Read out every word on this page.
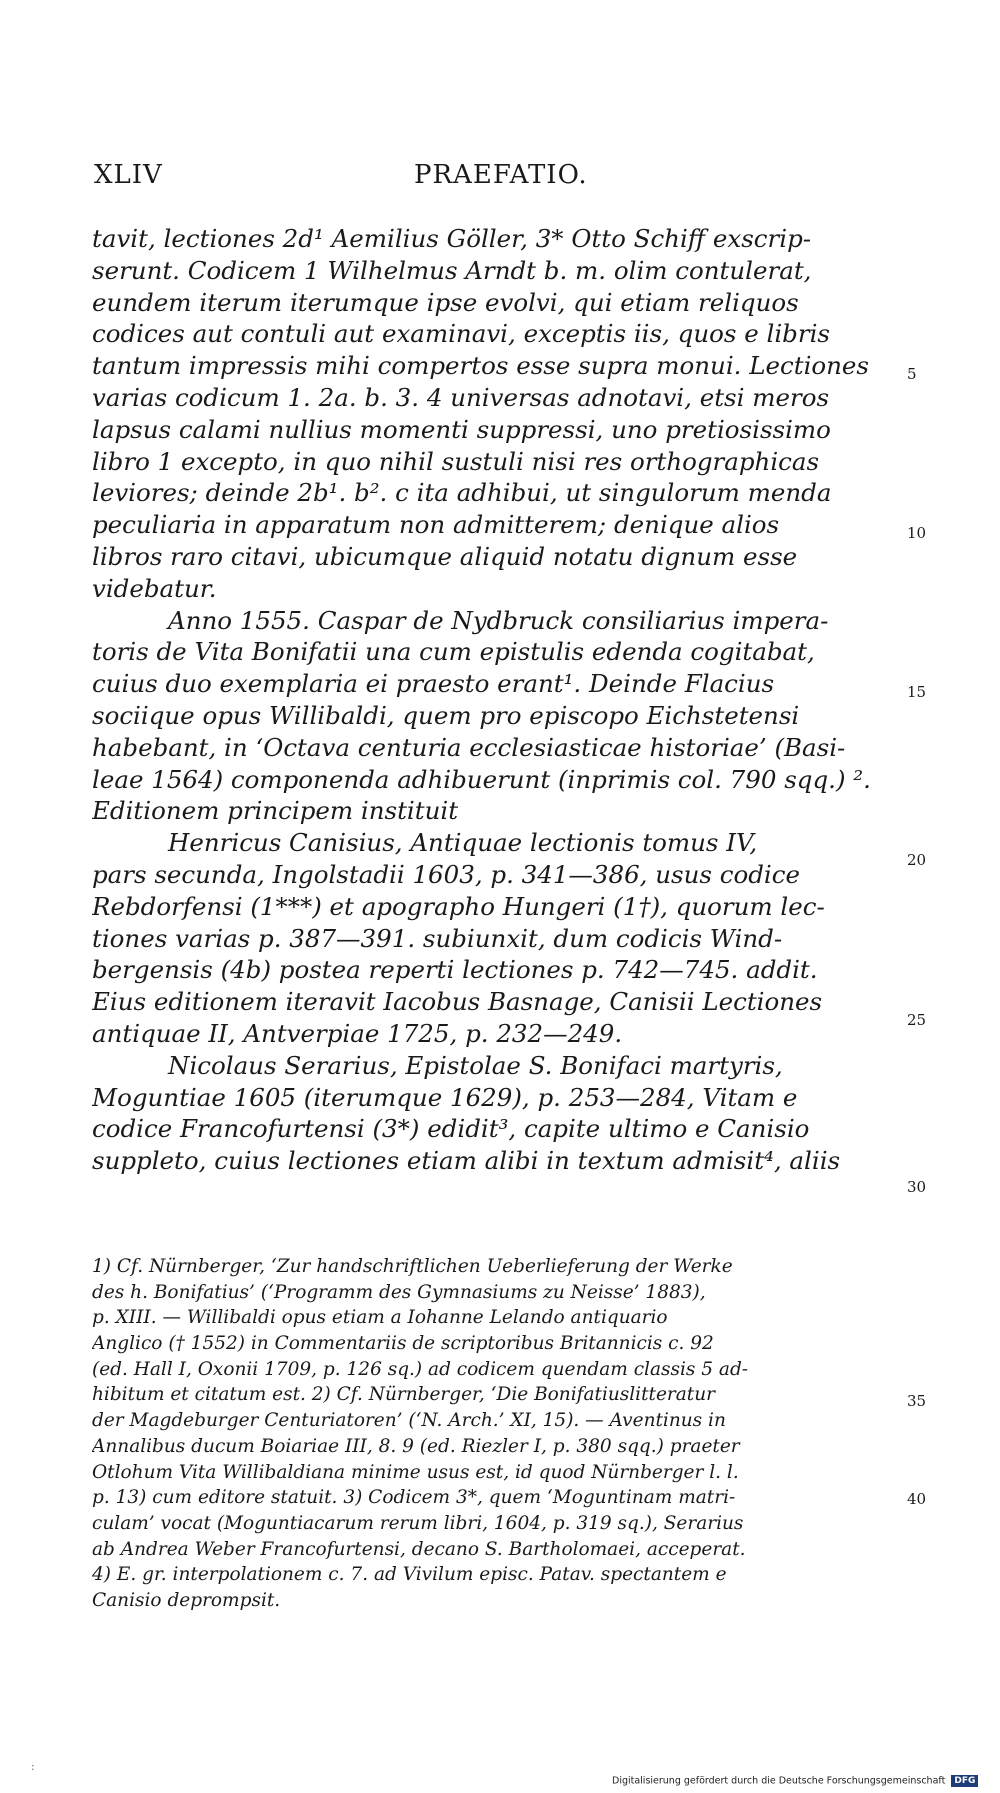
XLIV	PRAEFATIO.
tavit, lectiones 2d¹ Aemilius Göller, 3* Otto Schiff exscrip-
serunt. Codicem 1 Wilhelmus Arndt b. m. olim contulerat,
eundem iterum iterumque ipse evolvi, qui etiam reliquos
codices aut contuli aut examinavi, exceptis iis, quos e libris
tantum impressis mihi compertos esse supra monui. Lectiones
varias codicum 1. 2a. b. 3. 4 universas adnotavi, etsi meros
lapsus calami nullius momenti suppressi, uno pretiosissimo
libro 1 excepto, in quo nihil sustuli nisi res orthographicas
leviores; deinde 2b¹. b². c ita adhibui, ut singulorum menda
peculiaria in apparatum non admitterem; denique alios
libros raro citavi, ubicumque aliquid notatu dignum esse
videbatur.
Anno 1555. Caspar de Nydbruck consiliarius impera-
toris de Vita Bonifatii una cum epistulis edenda cogitabat,
cuius duo exemplaria ei praesto erant¹. Deinde Flacius
sociique opus Willibaldi, quem pro episcopo Eichstetensi
habebant, in ‘Octava centuria ecclesiasticae historiae’ (Basi-
leae 1564) componenda adhibuerunt (inprimis col. 790 sqq.) ².
Editionem principem instituit
Henricus Canisius, Antiquae lectionis tomus IV,
pars secunda, Ingolstadii 1603, p. 341—386, usus codice
Rebdorfensi (1***) et apographo Hungeri (1†), quorum lec-
tiones varias p. 387—391. subiunxit, dum codicis Wind-
bergensis (4b) postea reperti lectiones p. 742—745. addit.
Eius editionem iteravit Iacobus Basnage, Canisii Lectiones
antiquae II, Antverpiae 1725, p. 232—249.
Nicolaus Serarius, Epistolae S. Bonifaci martyris,
Moguntiae 1605 (iterumque 1629), p. 253—284, Vitam e
codice Francofurtensi (3*) edidit³, capite ultimo e Canisio
suppleto, cuius lectiones etiam alibi in textum admisit⁴, aliis
5
10
15
20
25
30
35
40
1) Cf. Nürnberger, ‘Zur handschriftlichen Ueberlieferung der Werke
des h. Bonifatius’ (‘Programm des Gymnasiums zu Neisse’ 1883),
p. XIII. — Willibaldi opus etiam a Iohanne Lelando antiquario
Anglico († 1552) in Commentariis de scriptoribus Britannicis c. 92
(ed. Hall I, Oxonii 1709, p. 126 sq.) ad codicem quendam classis 5 ad-
hibitum et citatum est. 2) Cf. Nürnberger, ‘Die Bonifatiuslitteratur
der Magdeburger Centuriatoren’ (‘N. Arch.’ XI, 15). — Aventinus in
Annalibus ducum Boiariae III, 8. 9 (ed. Riezler I, p. 380 sqq.) praeter
Otlohum Vita Willibaldiana minime usus est, id quod Nürnberger l. l.
p. 13) cum editore statuit. 3) Codicem 3*, quem ‘Moguntinam matri-
culam’ vocat (Moguntiacarum rerum libri, 1604, p. 319 sq.), Serarius
ab Andrea Weber Francofurtensi, decano S. Bartholomaei, acceperat.
4) E. gr. interpolationem c. 7. ad Vivilum episc. Patav. spectantem e
Canisio deprompsit.
:
Digitalisierung gefördert durch die Deutsche Forschungsgemeinschaft DFG
